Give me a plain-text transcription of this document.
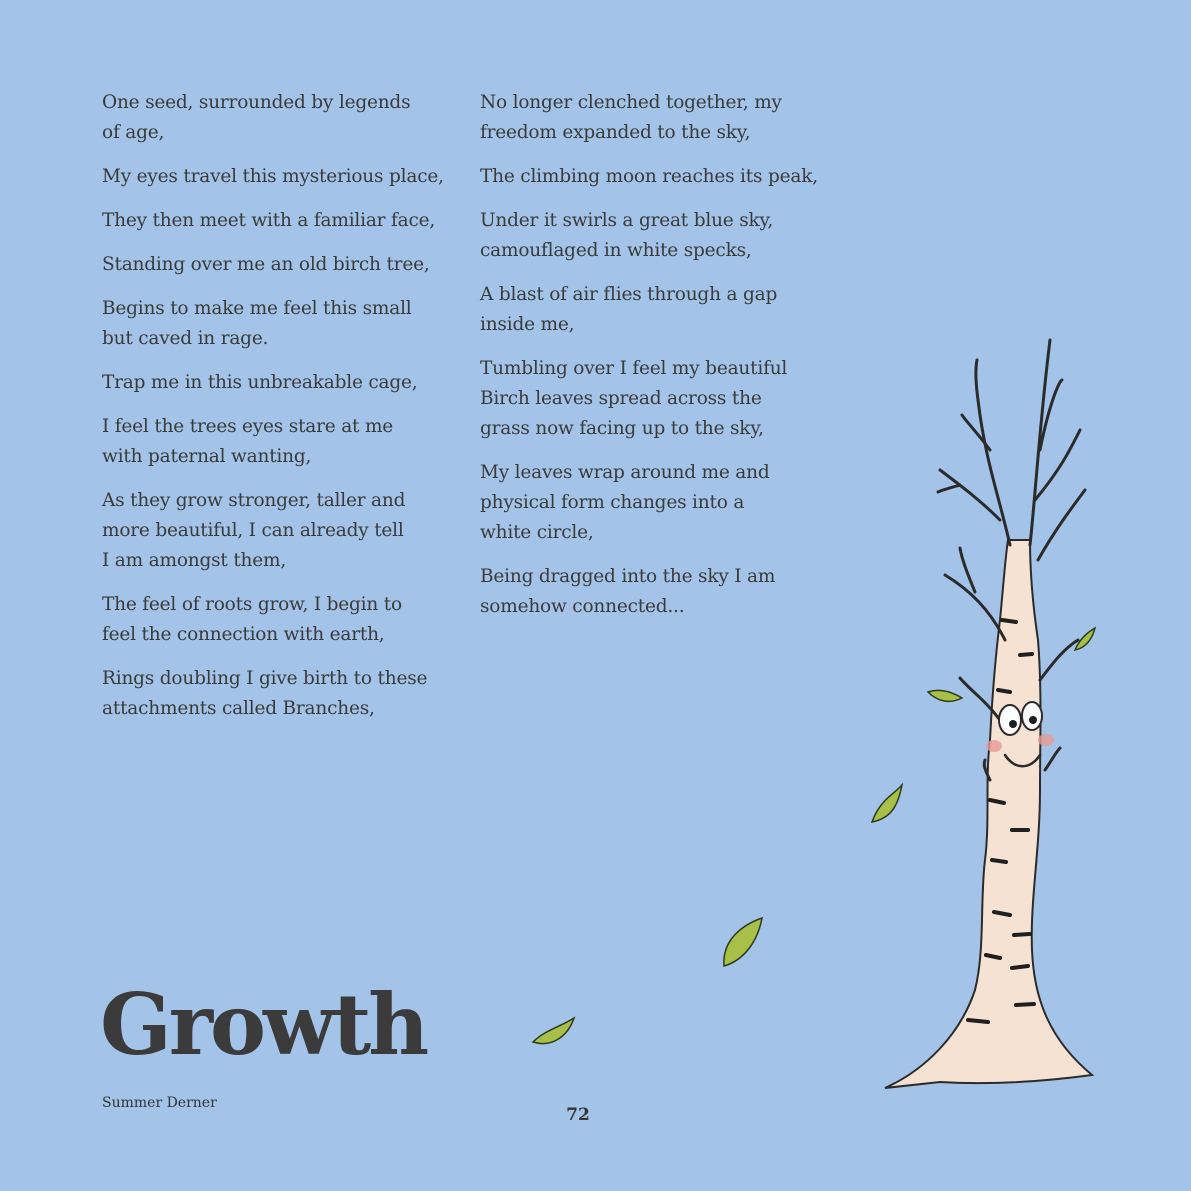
One seed, surrounded by legends
of age,

My eyes travel this mysterious place,

They then meet with a familiar face,

Standing over me an old birch tree,

Begins to make me feel this small
but caved in rage.

Trap me in this unbreakable cage,

I feel the trees eyes stare at me
with paternal wanting,

As they grow stronger, taller and
more beautiful, I can already tell
I am amongst them,

The feel of roots grow, I begin to
feel the connection with earth,

Rings doubling I give birth to these
attachments called Branches,

No longer clenched together, my
freedom expanded to the sky,

The climbing moon reaches its peak,

Under it swirls a great blue sky,
camouflaged in white specks,

A blast of air flies through a gap
inside me,

Tumbling over I feel my beautiful
Birch leaves spread across the
grass now facing up to the sky,

My leaves wrap around me and
physical form changes into a
white circle,

Being dragged into the sky I am
somehow connected...

Growth
Summer Derner
72
